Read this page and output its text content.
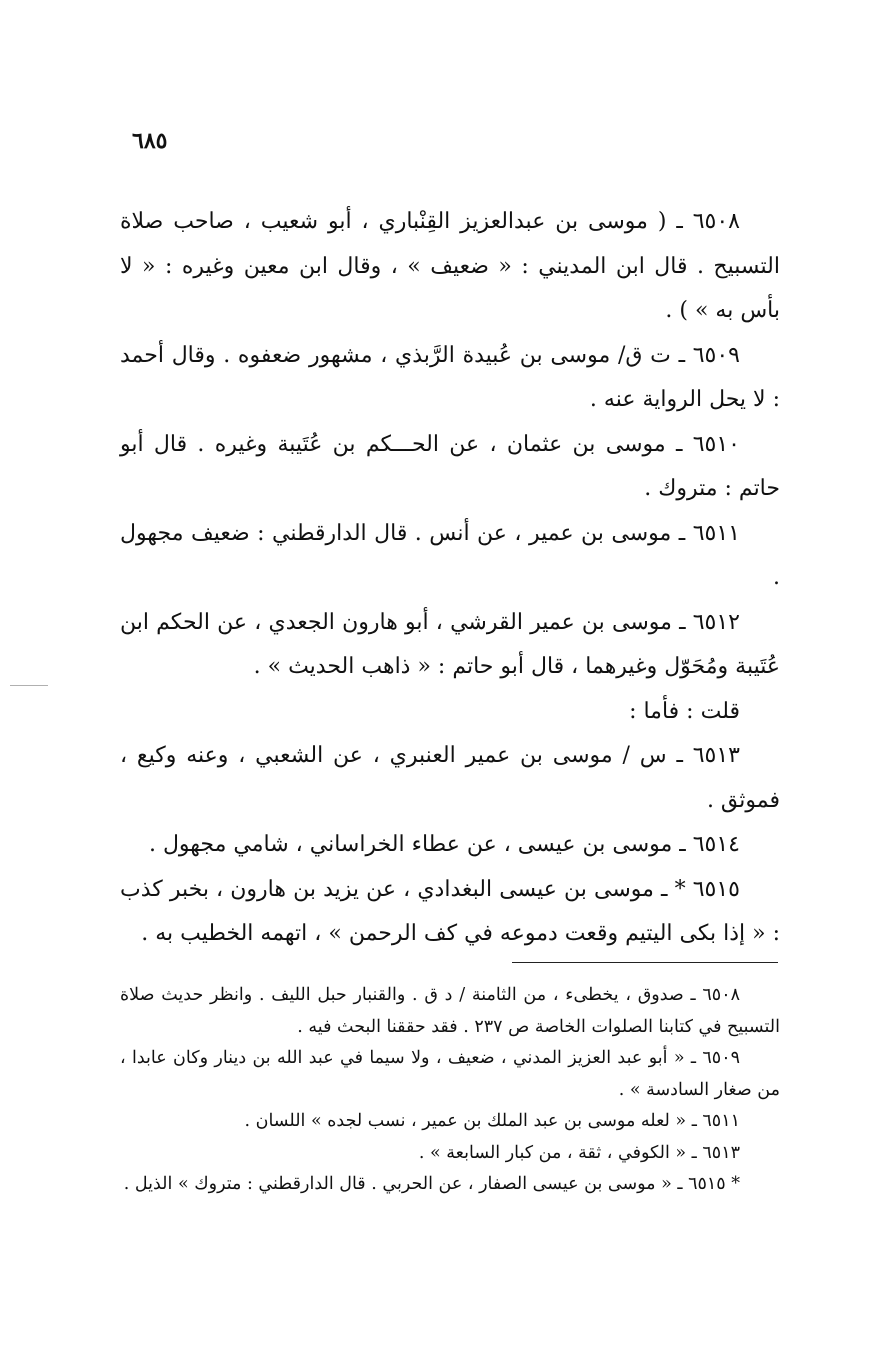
٦٨٥

٦٥٠٨ ـ ( موسى بن عبدالعزيز القِنْباري ، أبو شعيب ، صاحب صلاة التسبيح . قال ابن المديني : « ضعيف » ، وقال ابن معين وغيره : « لا بأس به » ) .

٦٥٠٩ ـ ت ق/ موسى بن عُبيدة الرَّبذي ، مشهور ضعفوه . وقال أحمد : لا يحل الرواية عنه .

٦٥١٠ ـ موسى بن عثمان ، عن الحـــكم بن عُتَيبة وغيره . قال أبو حاتم : متروك .

٦٥١١ ـ موسى بن عمير ، عن أنس . قال الدارقطني : ضعيف مجهول .

٦٥١٢ ـ موسى بن عمير القرشي ، أبو هارون الجعدي ، عن الحكم ابن عُتَيبة ومُحَوّل وغيرهما ، قال أبو حاتم : « ذاهب الحديث » .

قلت : فأما :

٦٥١٣ ـ س / موسى بن عمير العنبري ، عن الشعبي ، وعنه وكيع ، فموثق .

٦٥١٤ ـ موسى بن عيسى ، عن عطاء الخراساني ، شامي مجهول .

٦٥١٥ * ـ موسى بن عيسى البغدادي ، عن يزيد بن هارون ، بخبر كذب : « إذا بكى اليتيم وقعت دموعه في كف الرحمن » ، اتهمه الخطيب به .

٦٥٠٨ ـ صدوق ، يخطىء ، من الثامنة / د ق . والقنبار حبل الليف . وانظر حديث صلاة التسبيح في كتابنا الصلوات الخاصة ص ٢٣٧ . فقد حققنا البحث فيه .

٦٥٠٩ ـ « أبو عبد العزيز المدني ، ضعيف ، ولا سيما في عبد الله بن دينار وكان عابدا ، من صغار السادسة » .

٦٥١١ ـ « لعله موسى بن عبد الملك بن عمير ، نسب لجده » اللسان .

٦٥١٣ ـ « الكوفي ، ثقة ، من كبار السابعة » .

* ٦٥١٥ ـ « موسى بن عيسى الصفار ، عن الحربي . قال الدارقطني : متروك » الذيل .
